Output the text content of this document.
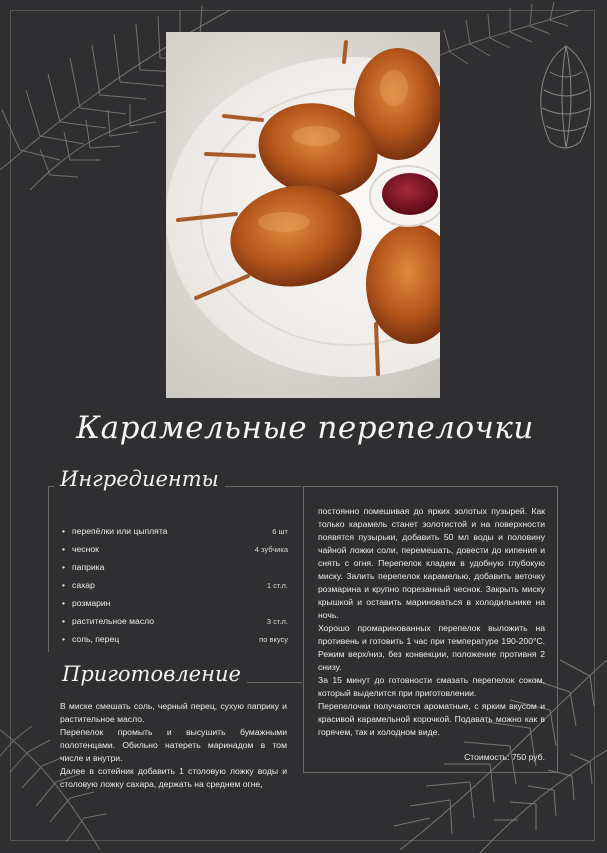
Карамельные перепелочки
Ингредиенты
• перепёлки или цыплята	6 шт
• чеснок	4 зубчика
• паприка
• сахар	1 ст.л.
• розмарин
• растительное масло	3 ст.л.
• соль, перец	по вкусу
Приготовление

В миске смешать соль, черный перец, сухую паприку и растительное масло.

Перепелок промыть и высушить бумажными полотенцами. Обильно натереть маринадом в том числе и внутри.

Далее в сотейник добавить 1 столовую ложку воды и столовую ложку сахара, держать на среднем огне,

постоянно помешивая до ярких золотых пузырей. Как только карамель станет золотистой и на поверхности появятся пузырьки, добавить 50 мл воды и половину чайной ложки соли, перемешать, довести до кипения и снять с огня. Перепелок кладем в удобную глубокую миску. Залить перепелок карамелью, добавить веточку розмарина и крупно порезанный чеснок. Закрыть миску крышкой и оставить мариноваться в холодильнике на ночь.

Хорошо промаринованных перепелок выложить на противень и готовить 1 час при температуре 190-200°С. Режим верх/низ, без конвекции, положение противня 2 снизу.

За 15 минут до готовности смазать перепелок соком, который выделится при приготовлении.

Перепелочки получаются ароматные, с ярким вкусом и красивой карамельной корочкой. Подавать можно как в горячем, так и холодном виде.

Стоимость: 750 руб.
